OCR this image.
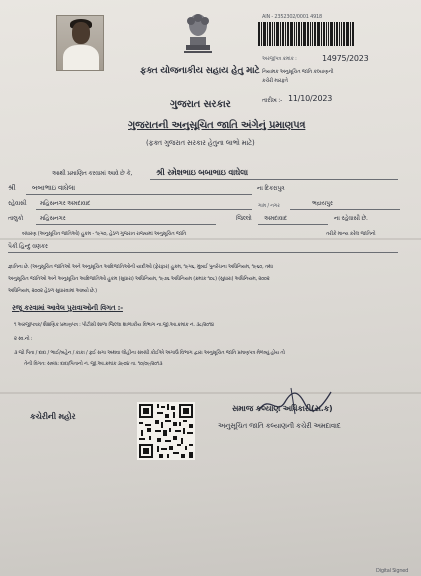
AIN - 2352302/0001 4918
અરજીપત્ર ક્રમાંક :	14975/2023
ફક્ત યોજનાકીય સહાય હેતુ માટે નિયામક અનુસૂચિત જાતિ કલ્યાણની
કચેરી મારફતે
તારીખ :- 11/10/2023
ગુજરાત સરકાર
ગુજરાતની અનુસૂચિત જાતિ અંગેનું પ્રમાણપત્ર
(ફક્ત ગુજરાત સરકાર હેતુના લાભો માટે)
આથી પ્રમાણિત કરવામાં આવે છે કે,	શ્રી રમેશભાઇ બબાભાઇ વાઘેલા
શ્રી બબાભાઇ વાઘેલા	ના દિકરાપુત્ર
રહેવાસી મહિસનગર અમદાવાદ	ગામ / નગર	ભદ્રાયપુર
તાલુકો	મહિસનગર	જિલ્લો અમદાવાદ	ના રહેવાસી છે.
બંધારણ (અનુસૂચિત જાતિઓ) હુકમ - ૧૯૫૦, હેઠળ ગુજરાત રાજ્યમાં અનુસૂચિત જાતિ	તરીકે માન્ય કરેલ જાતિનો
પૈકી હિન્દુ વણકર
જ્ઞાતિના છે. (અનુસૂચિત જાતિઓ અને અનુસૂચિત આદિજાતિઓની યાદીઓ (ફેરફાર) હુકમ, ૧૯૫૬, મુંબઈ પુનર્રચના અધિનિયમ, ૧૯૬૦, તથા
અનુસૂચિત જાતિઓ અને અનુસૂચિત આદિજાતિઓ હુકમ (સુધારા) અધિનિયમ, ૧૯૭૬ અધિનિયમ (ક્રમાંક ૧૦૮) (સુધારા) અધિનિયમ, ૨૦૦૨
અધિનિયમ, ૨૦૦૨ હેઠળ સુધારવામાં આવ્યો છે.)
રજૂ કરવામાં આવેલ પુરાવાઓની વિગત :-
૧ અરજીપત્રક/ શૈક્ષણિક પ્રમાણપત્ર : પીટીસી શાળા જિલ્લા શાળાકીય વિભાગ ના.જી.આ.ક્રમાંક નં. ૩૮/૨૦૧૪
૨ સ્વ.નો :
૩ જો પિતા / દાદા / ભાઈ/બહેન / કાકા / ફઈ સગા અથવા લોહીના સંબંધી કોઈએ અગાઉ વિભાગ દ્વારા અનુસૂચિત જાતિ પ્રમાણપત્ર મેળવ્યું હોય તો
તેની વિગત: સબંધ: દાદા/પિતાનો નં. જી.આ.ક્રમાંક ૩૯૦૪ તા. ૧૦/૦૯/૨૦૧૩
કચેરીની મહોર
સમાજ કલ્યાણ અધિકારી(સ.ક)
અનુસૂચિત જાતિ કલ્યાણની કચેરી અમદાવાદ
Digital Signed
